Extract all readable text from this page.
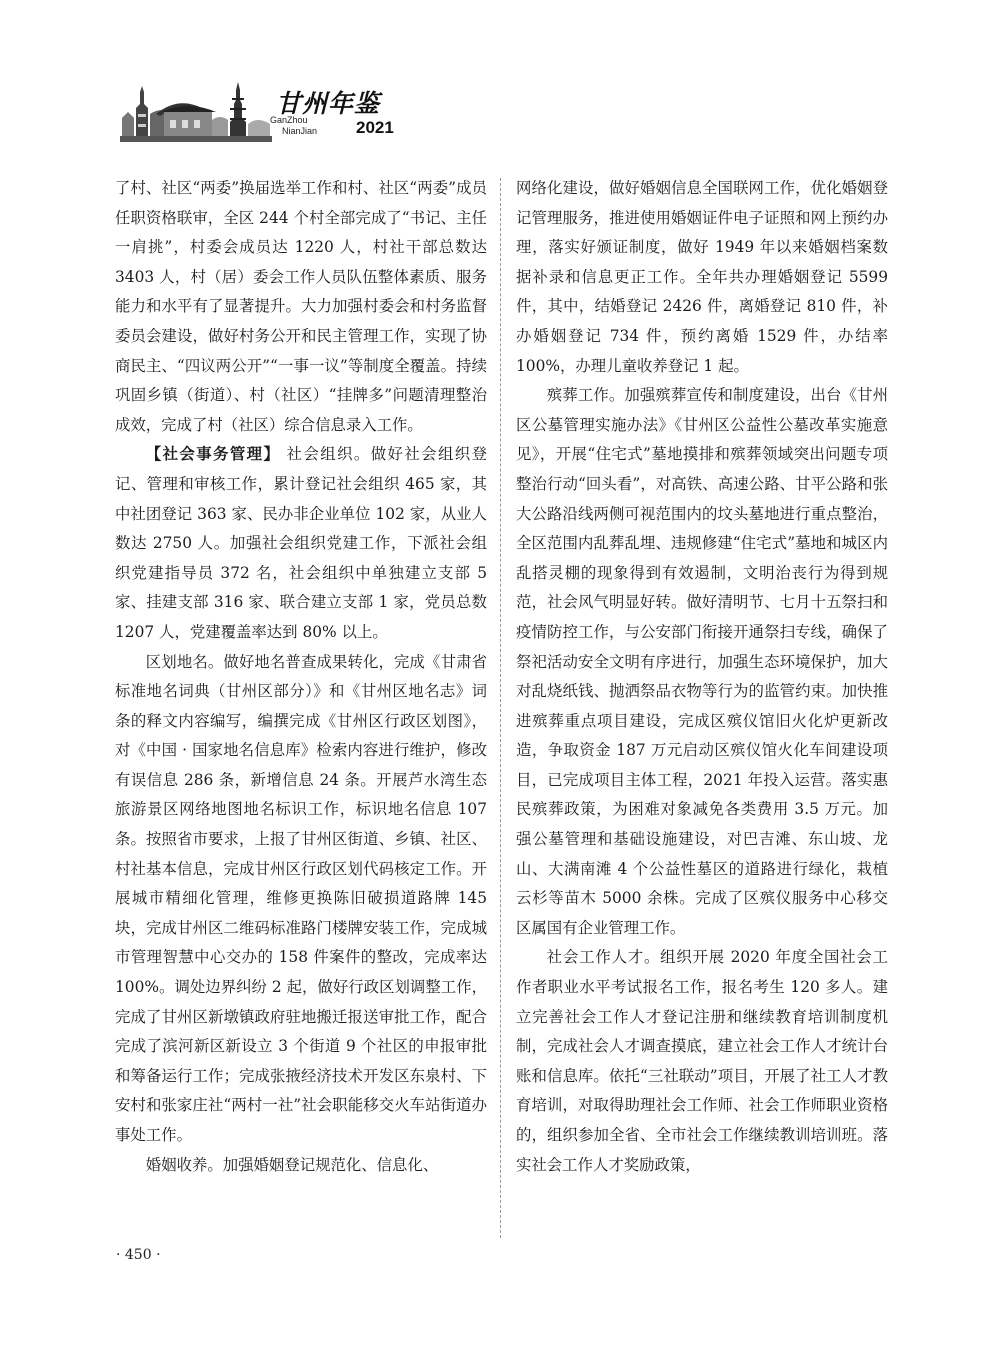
甘州年鉴
GanZhou
NianJian 2021

了村、社区“两委”换届选举工作和村、社区“两委”成员任职资格联审，全区 244 个村全部完成了“书记、主任一肩挑”，村委会成员达 1220 人，村社干部总数达 3403 人，村（居）委会工作人员队伍整体素质、服务能力和水平有了显著提升。大力加强村委会和村务监督委员会建设，做好村务公开和民主管理工作，实现了协商民主、“四议两公开”“一事一议”等制度全覆盖。持续巩固乡镇（街道）、村（社区）“挂牌多”问题清理整治成效，完成了村（社区）综合信息录入工作。

【社会事务管理】 社会组织。做好社会组织登记、管理和审核工作，累计登记社会组织 465 家，其中社团登记 363 家、民办非企业单位 102 家，从业人数达 2750 人。加强社会组织党建工作，下派社会组织党建指导员 372 名，社会组织中单独建立支部 5 家、挂建支部 316 家、联合建立支部 1 家，党员总数 1207 人，党建覆盖率达到 80% 以上。

区划地名。做好地名普查成果转化，完成《甘肃省标准地名词典（甘州区部分）》和《甘州区地名志》词条的释文内容编写，编撰完成《甘州区行政区划图》，对《中国 · 国家地名信息库》检索内容进行维护，修改有误信息 286 条，新增信息 24 条。开展芦水湾生态旅游景区网络地图地名标识工作，标识地名信息 107 条。按照省市要求，上报了甘州区街道、乡镇、社区、村社基本信息，完成甘州区行政区划代码核定工作。开展城市精细化管理，维修更换陈旧破损道路牌 145 块，完成甘州区二维码标准路门楼牌安装工作，完成城市管理智慧中心交办的 158 件案件的整改，完成率达 100%。调处边界纠纷 2 起，做好行政区划调整工作，完成了甘州区新墩镇政府驻地搬迁报送审批工作，配合完成了滨河新区新设立 3 个街道 9 个社区的申报审批和筹备运行工作；完成张掖经济技术开发区东泉村、下安村和张家庄社“两村一社”社会职能移交火车站街道办事处工作。

婚姻收养。加强婚姻登记规范化、信息化、

网络化建设，做好婚姻信息全国联网工作，优化婚姻登记管理服务，推进使用婚姻证件电子证照和网上预约办理，落实好颁证制度，做好 1949 年以来婚姻档案数据补录和信息更正工作。全年共办理婚姻登记 5599 件，其中，结婚登记 2426 件，离婚登记 810 件，补办婚姻登记 734 件，预约离婚 1529 件，办结率 100%，办理儿童收养登记 1 起。

殡葬工作。加强殡葬宣传和制度建设，出台《甘州区公墓管理实施办法》《甘州区公益性公墓改革实施意见》，开展“住宅式”墓地摸排和殡葬领域突出问题专项整治行动“回头看”，对高铁、高速公路、甘平公路和张大公路沿线两侧可视范围内的坟头墓地进行重点整治，全区范围内乱葬乱埋、违规修建“住宅式”墓地和城区内乱搭灵棚的现象得到有效遏制，文明治丧行为得到规范，社会风气明显好转。做好清明节、七月十五祭扫和疫情防控工作，与公安部门衔接开通祭扫专线，确保了祭祀活动安全文明有序进行，加强生态环境保护，加大对乱烧纸钱、抛洒祭品衣物等行为的监管约束。加快推进殡葬重点项目建设，完成区殡仪馆旧火化炉更新改造，争取资金 187 万元启动区殡仪馆火化车间建设项目，已完成项目主体工程，2021 年投入运营。落实惠民殡葬政策，为困难对象减免各类费用 3.5 万元。加强公墓管理和基础设施建设，对巴吉滩、东山坡、龙山、大满南滩 4 个公益性墓区的道路进行绿化，栽植云杉等苗木 5000 余株。完成了区殡仪服务中心移交区属国有企业管理工作。

社会工作人才。组织开展 2020 年度全国社会工作者职业水平考试报名工作，报名考生 120 多人。建立完善社会工作人才登记注册和继续教育培训制度机制，完成社会人才调查摸底，建立社会工作人才统计台账和信息库。依托“三社联动”项目，开展了社工人才教育培训，对取得助理社会工作师、社会工作师职业资格的，组织参加全省、全市社会工作继续教训培训班。落实社会工作人才奖励政策，

· 450 ·
